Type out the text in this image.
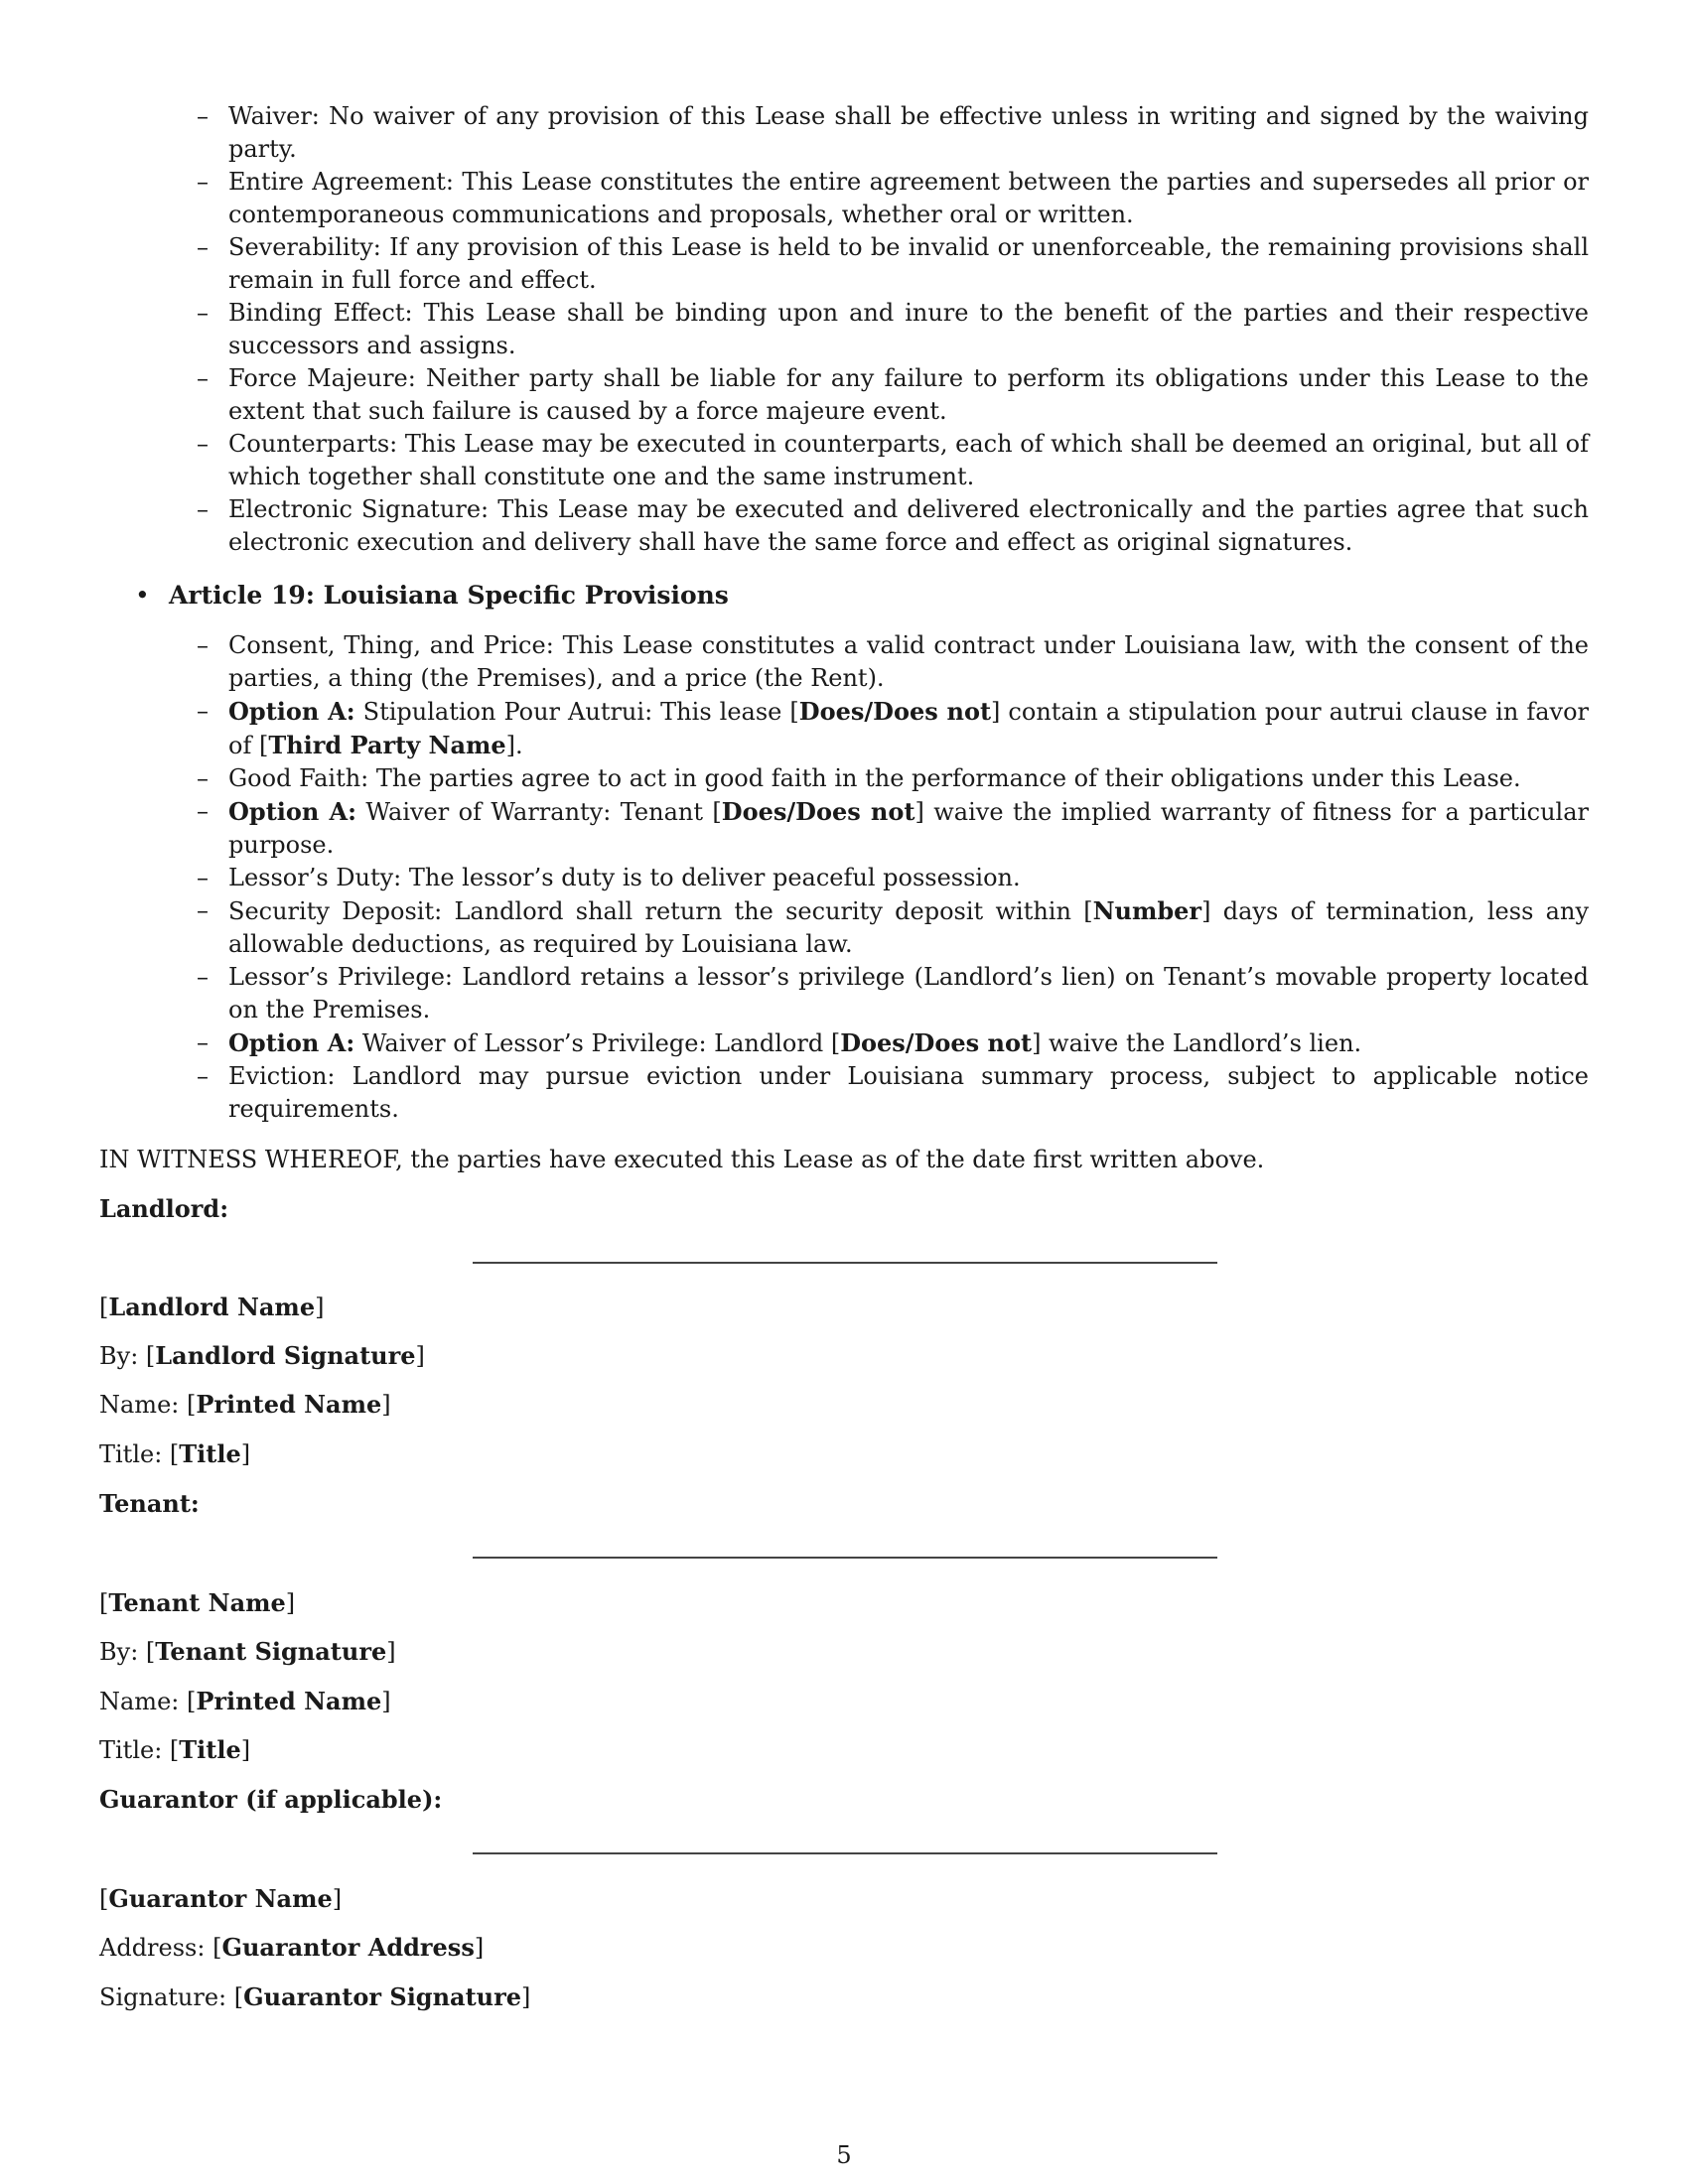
– Waiver: No waiver of any provision of this Lease shall be effective unless in writing and signed by the waiving party.
– Entire Agreement: This Lease constitutes the entire agreement between the parties and supersedes all prior or contemporaneous communications and proposals, whether oral or written.
– Severability: If any provision of this Lease is held to be invalid or unenforceable, the remaining provisions shall remain in full force and effect.
– Binding Effect: This Lease shall be binding upon and inure to the benefit of the parties and their respective successors and assigns.
– Force Majeure: Neither party shall be liable for any failure to perform its obligations under this Lease to the extent that such failure is caused by a force majeure event.
– Counterparts: This Lease may be executed in counterparts, each of which shall be deemed an original, but all of which together shall constitute one and the same instrument.
– Electronic Signature: This Lease may be executed and delivered electronically and the parties agree that such electronic execution and delivery shall have the same force and effect as original signatures.
• Article 19: Louisiana Specific Provisions
– Consent, Thing, and Price: This Lease constitutes a valid contract under Louisiana law, with the consent of the parties, a thing (the Premises), and a price (the Rent).
– Option A: Stipulation Pour Autrui: This lease [Does/Does not] contain a stipulation pour autrui clause in favor of [Third Party Name].
– Good Faith: The parties agree to act in good faith in the performance of their obligations under this Lease.
– Option A: Waiver of Warranty: Tenant [Does/Does not] waive the implied warranty of fitness for a particular purpose.
– Lessor’s Duty: The lessor’s duty is to deliver peaceful possession.
– Security Deposit: Landlord shall return the security deposit within [Number] days of termination, less any allowable deductions, as required by Louisiana law.
– Lessor’s Privilege: Landlord retains a lessor’s privilege (Landlord’s lien) on Tenant’s movable property located on the Premises.
– Option A: Waiver of Lessor’s Privilege: Landlord [Does/Does not] waive the Landlord’s lien.
– Eviction: Landlord may pursue eviction under Louisiana summary process, subject to applicable notice requirements.
IN WITNESS WHEREOF, the parties have executed this Lease as of the date first written above.
Landlord:
[Landlord Name]
By: [Landlord Signature]
Name: [Printed Name]
Title: [Title]
Tenant:
[Tenant Name]
By: [Tenant Signature]
Name: [Printed Name]
Title: [Title]
Guarantor (if applicable):
[Guarantor Name]
Address: [Guarantor Address]
Signature: [Guarantor Signature]
5
